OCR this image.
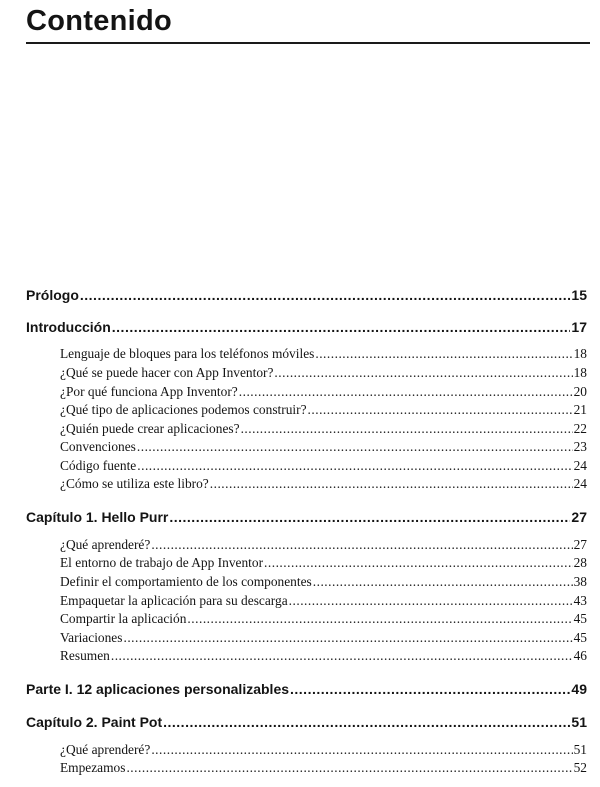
Contenido
Prólogo .....	15
Introducción .....	17
Lenguaje de bloques para los teléfonos móviles .....	18
¿Qué se puede hacer con App Inventor? .....	18
¿Por qué funciona App Inventor? .....	20
¿Qué tipo de aplicaciones podemos construir? .....	21
¿Quién puede crear aplicaciones? .....	22
Convenciones .....	23
Código fuente .....	24
¿Cómo se utiliza este libro? .....	24
Capítulo 1. Hello Purr .....	27
¿Qué aprenderé? .....	27
El entorno de trabajo de App Inventor .....	28
Definir el comportamiento de los componentes .....	38
Empaquetar la aplicación para su descarga .....	43
Compartir la aplicación .....	45
Variaciones .....	45
Resumen .....	46
Parte I. 12 aplicaciones personalizables .....	49
Capítulo 2. Paint Pot .....	51
¿Qué aprenderé? .....	51
Empezamos .....	52
